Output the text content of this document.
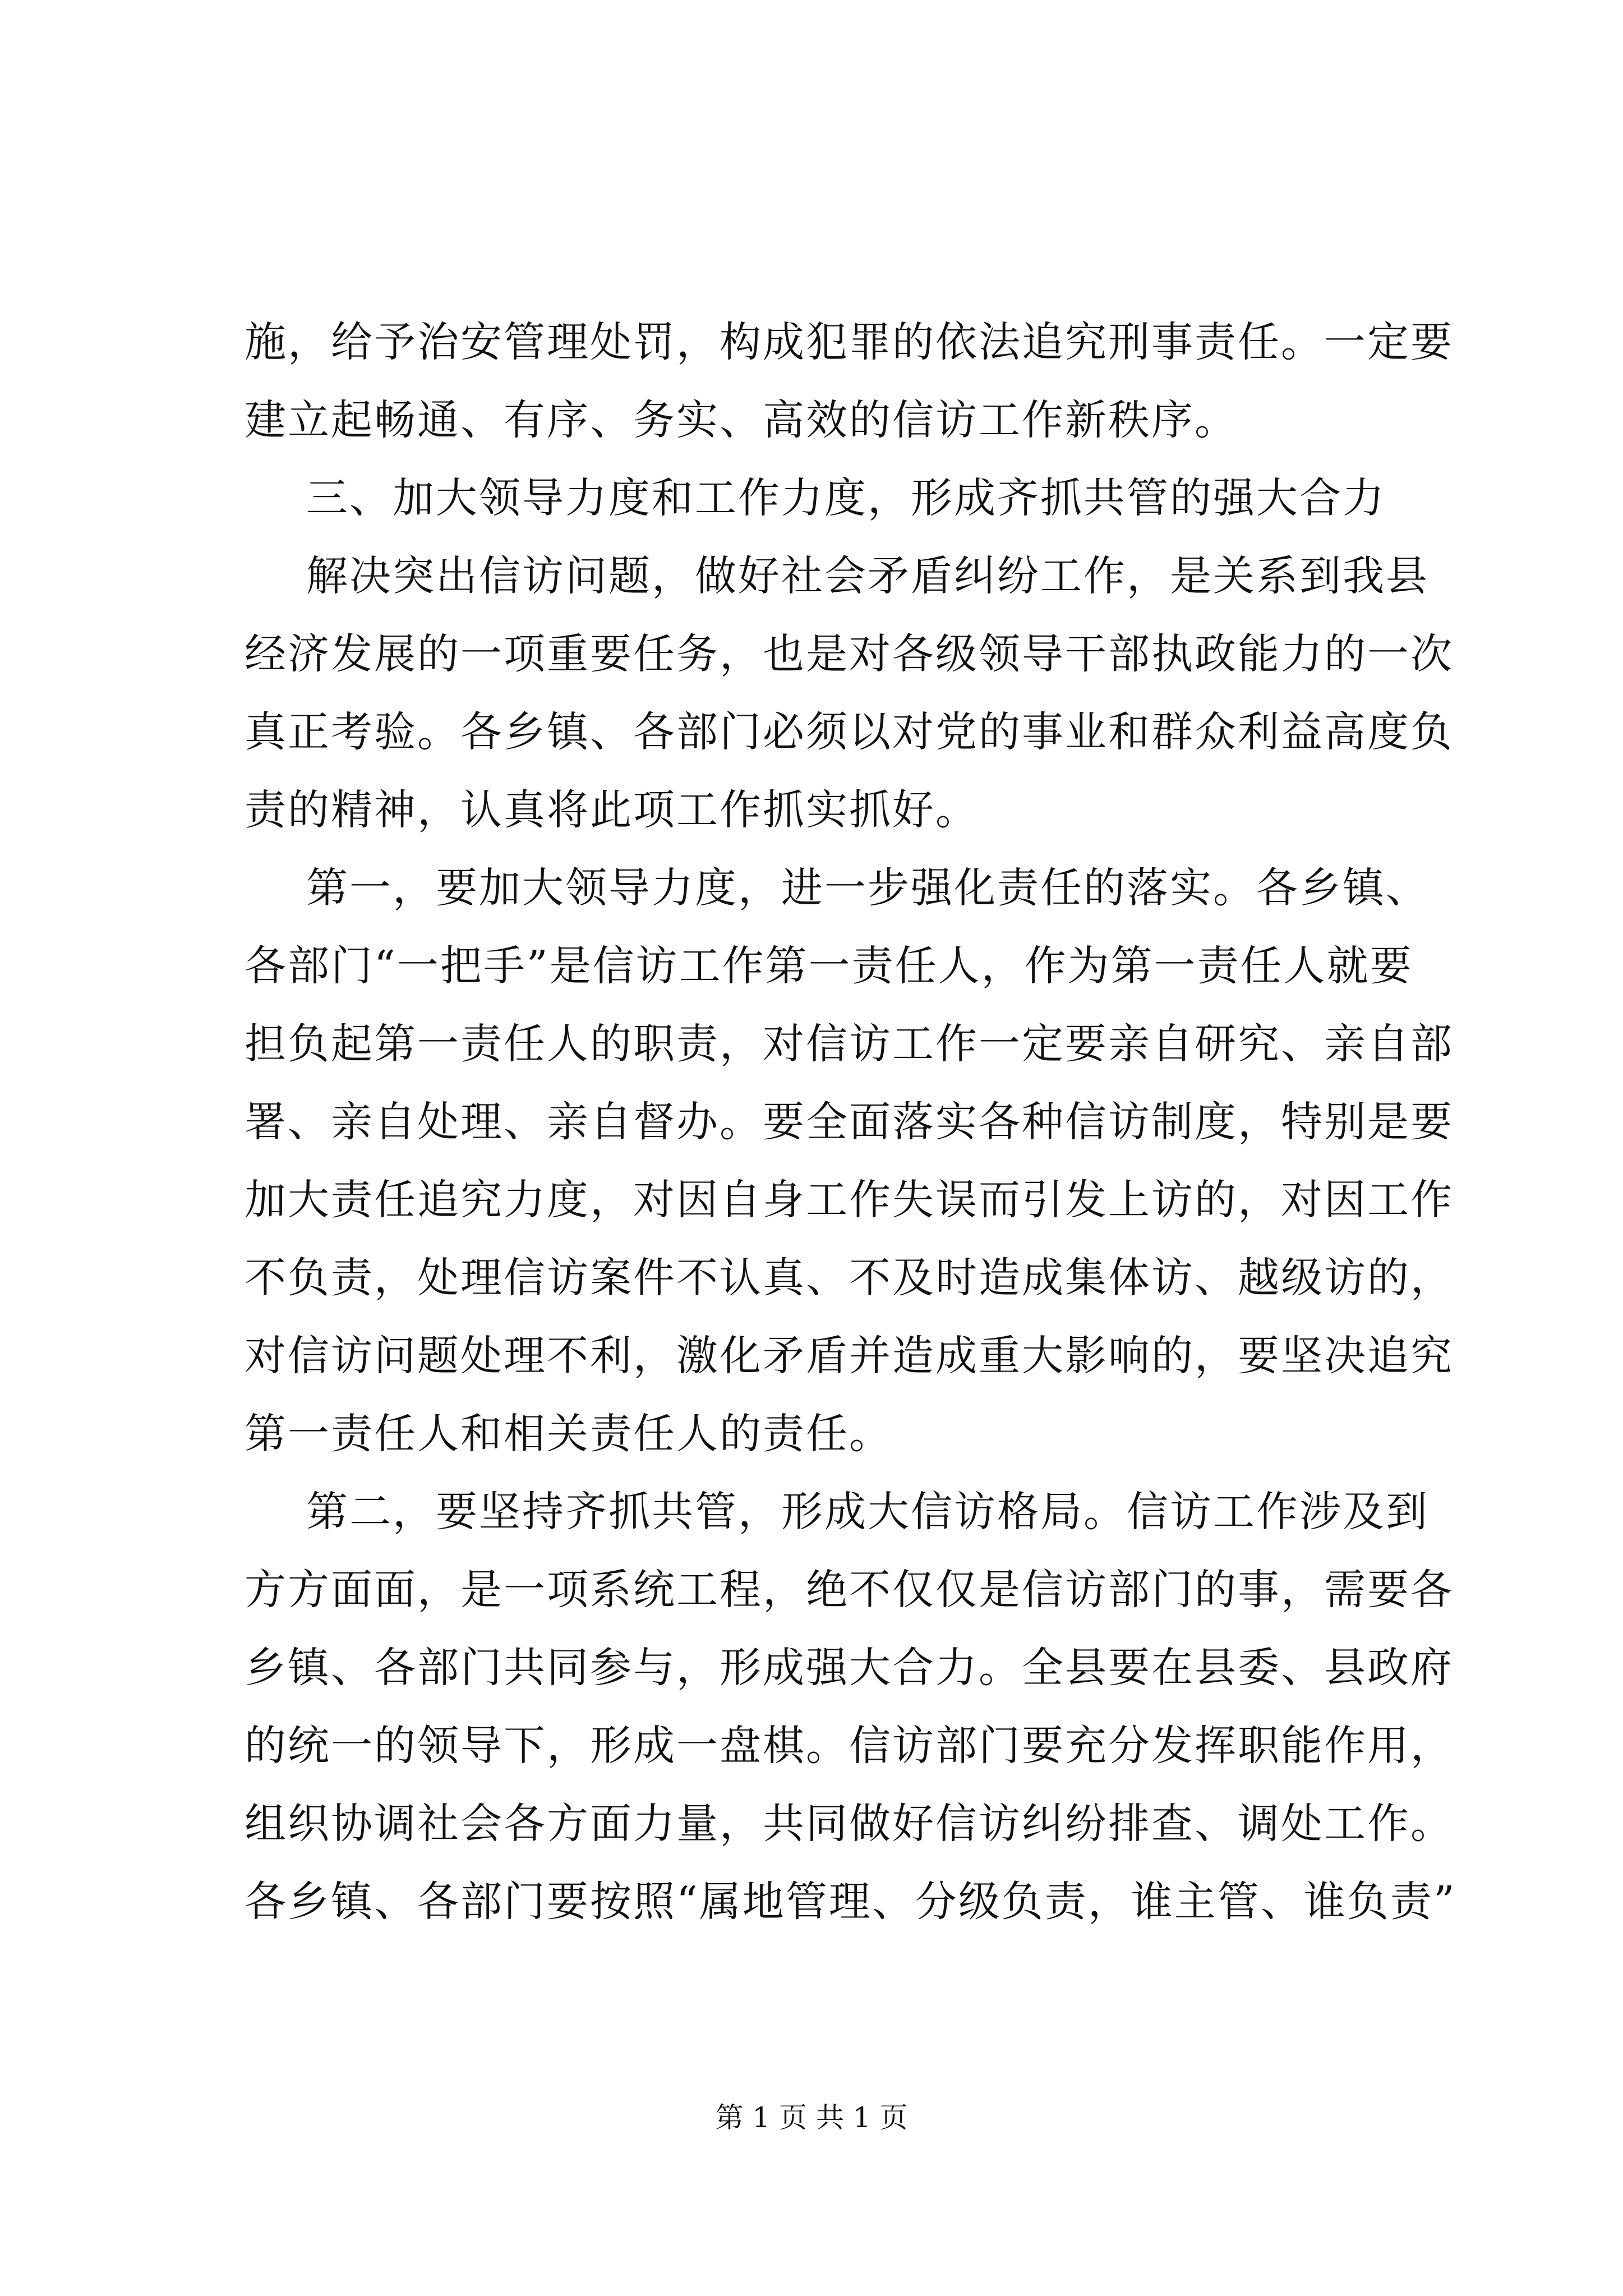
施，给予治安管理处罚，构成犯罪的依法追究刑事责任。一定要
建立起畅通、有序、务实、高效的信访工作新秩序。
三、加大领导力度和工作力度，形成齐抓共管的强大合力
解决突出信访问题，做好社会矛盾纠纷工作，是关系到我县
经济发展的一项重要任务，也是对各级领导干部执政能力的一次
真正考验。各乡镇、各部门必须以对党的事业和群众利益高度负
责的精神，认真将此项工作抓实抓好。
第一，要加大领导力度，进一步强化责任的落实。各乡镇、
各部门“一把手”是信访工作第一责任人，作为第一责任人就要
担负起第一责任人的职责，对信访工作一定要亲自研究、亲自部
署、亲自处理、亲自督办。要全面落实各种信访制度，特别是要
加大责任追究力度，对因自身工作失误而引发上访的，对因工作
不负责，处理信访案件不认真、不及时造成集体访、越级访的，
对信访问题处理不利，激化矛盾并造成重大影响的，要坚决追究
第一责任人和相关责任人的责任。
第二，要坚持齐抓共管，形成大信访格局。信访工作涉及到
方方面面，是一项系统工程，绝不仅仅是信访部门的事，需要各
乡镇、各部门共同参与，形成强大合力。全县要在县委、县政府
的统一的领导下，形成一盘棋。信访部门要充分发挥职能作用，
组织协调社会各方面力量，共同做好信访纠纷排查、调处工作。
各乡镇、各部门要按照“属地管理、分级负责，谁主管、谁负责”
第 1 页 共 1 页
